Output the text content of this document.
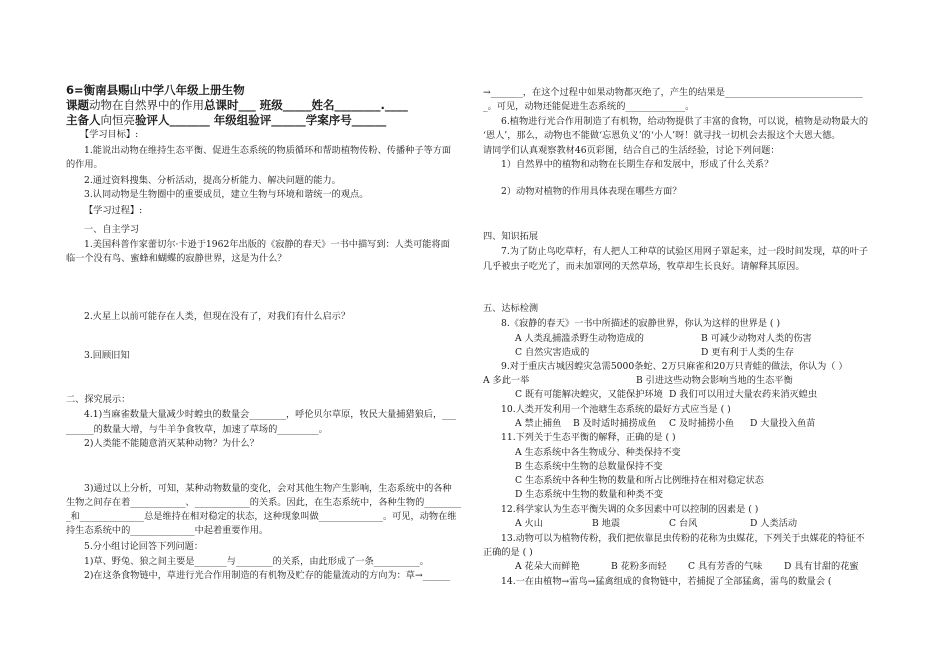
6=衡南县赐山中学八年级上册生物
课题动物在自然界中的作用总课时___ 班级_____姓名________.____
主备人向恒亮验评人_______ 年级组验评______学案序号______
【学习目标】:
1.能说出动物在维持生态平衡、促进生态系统的物质循环和帮助植物传粉、传播种子等方面
的作用。
2.通过资料搜集、分析活动，提高分析能力、解决问题的能力。
3.认同动物是生物圈中的重要成员，建立生物与环境和谐统一的观点。
【学习过程】:
一、自主学习
1.美国科普作家蕾切尔·卡逊于1962年出版的《寂静的春天》一书中描写到：人类可能将面
临一个没有鸟、蜜蜂和蝴蝶的寂静世界，这是为什么？
2.火星上以前可能存在人类，但现在没有了，对我们有什么启示？
3.回顾旧知
二、探究展示：
4.1)当麻雀数量大量减少时蝗虫的数量会________，呼伦贝尔草原，牧民大量捕猎狼后，___
______的数量大增，与牛羊争食牧草，加速了草场的_________。
2)人类能不能随意消灭某种动物？为什么？
3)通过以上分析，可知，某种动物数量的变化，会对其他生物产生影响，生态系统中的各种
生物之间存在着____________、____________的关系。因此，在生态系统中，各种生物的________
_和______________总是维持在相对稳定的状态，这种现象叫做______________。可见，动物在维
持生态系统中的______________中起着重要作用。
5.分小组讨论回答下列问题：
1)草、野兔、狼之间主要是_______与________的关系，由此形成了一条__________。
2)在这条食物链中，草进行光合作用制造的有机物及贮存的能量流动的方向为：草→______
→_______，在这个过程中如果动物都灭绝了，产生的结果是______________________________
_。可见，动物还能促进生态系统的_____________。
6.植物进行光合作用制造了有机物，给动物提供了丰富的食物，可以说，植物是动物最大的
‘恩人’，那么，动物也不能做‘忘恩负义’的‘小人’呀！就寻找一切机会去报这个大恩大德。
请同学们认真观察教材46页彩图，结合自己的生活经验，讨论下列问题：
1）自然界中的植物和动物在长期生存和发展中，形成了什么关系？
2）动物对植物的作用具体表现在哪些方面？
四、知识拓展
7.为了防止鸟吃草籽，有人把人工种草的试验区用网子罩起来，过一段时间发现，草的叶子
几乎被虫子吃光了，而未加罩网的天然草场，牧草却生长良好。请解释其原因。
五、达标检测
8.《寂静的春天》一书中所描述的寂静世界，你认为这样的世界是 ( )
A 人类乱捕滥杀野生动物造成的	B 可减少动物对人类的伤害
C 自然灾害造成的	D 更有利于人类的生存
9.对于重庆古城因蝗灾急需5000条蛇、2万只麻雀和20万只青蛙的做法，你认为（ ）
A 多此一举	B 引进这些动物会影响当地的生态平衡
C 既有可能解决蝗灾，又能保护环境 D 我们可以用过大量农药来消灭蝗虫
10.人类开发利用一个池塘生态系统的最好方式应当是 ( )
A 禁止捕鱼 B 及时适时捕捞成鱼 C 及时捕捞小鱼 D 大量投入鱼苗
11.下列关于生态平衡的解释，正确的是 ( )
A 生态系统中各生物成分、种类保持不变
B 生态系统中生物的总数量保持不变
C 生态系统中各种生物的数量和所占比例维持在相对稳定状态
D 生态系统中生物的数量和种类不变
12.科学家认为生态平衡失调的众多因素中可以控制的因素是 ( )
A 火山	B 地震	C 台风	D 人类活动
13.动物可以为植物传粉，我们把依靠昆虫传粉的花称为虫媒花，下列关于虫媒花的特征不
正确的是 ( )
A 花朵大而鲜艳	B 花粉多而轻 C 具有芳香的气味 D 具有甘甜的花蜜
14.一在由植物→雷鸟→猛禽组成的食物链中，若捕捉了全部猛禽，雷鸟的数量会 (
